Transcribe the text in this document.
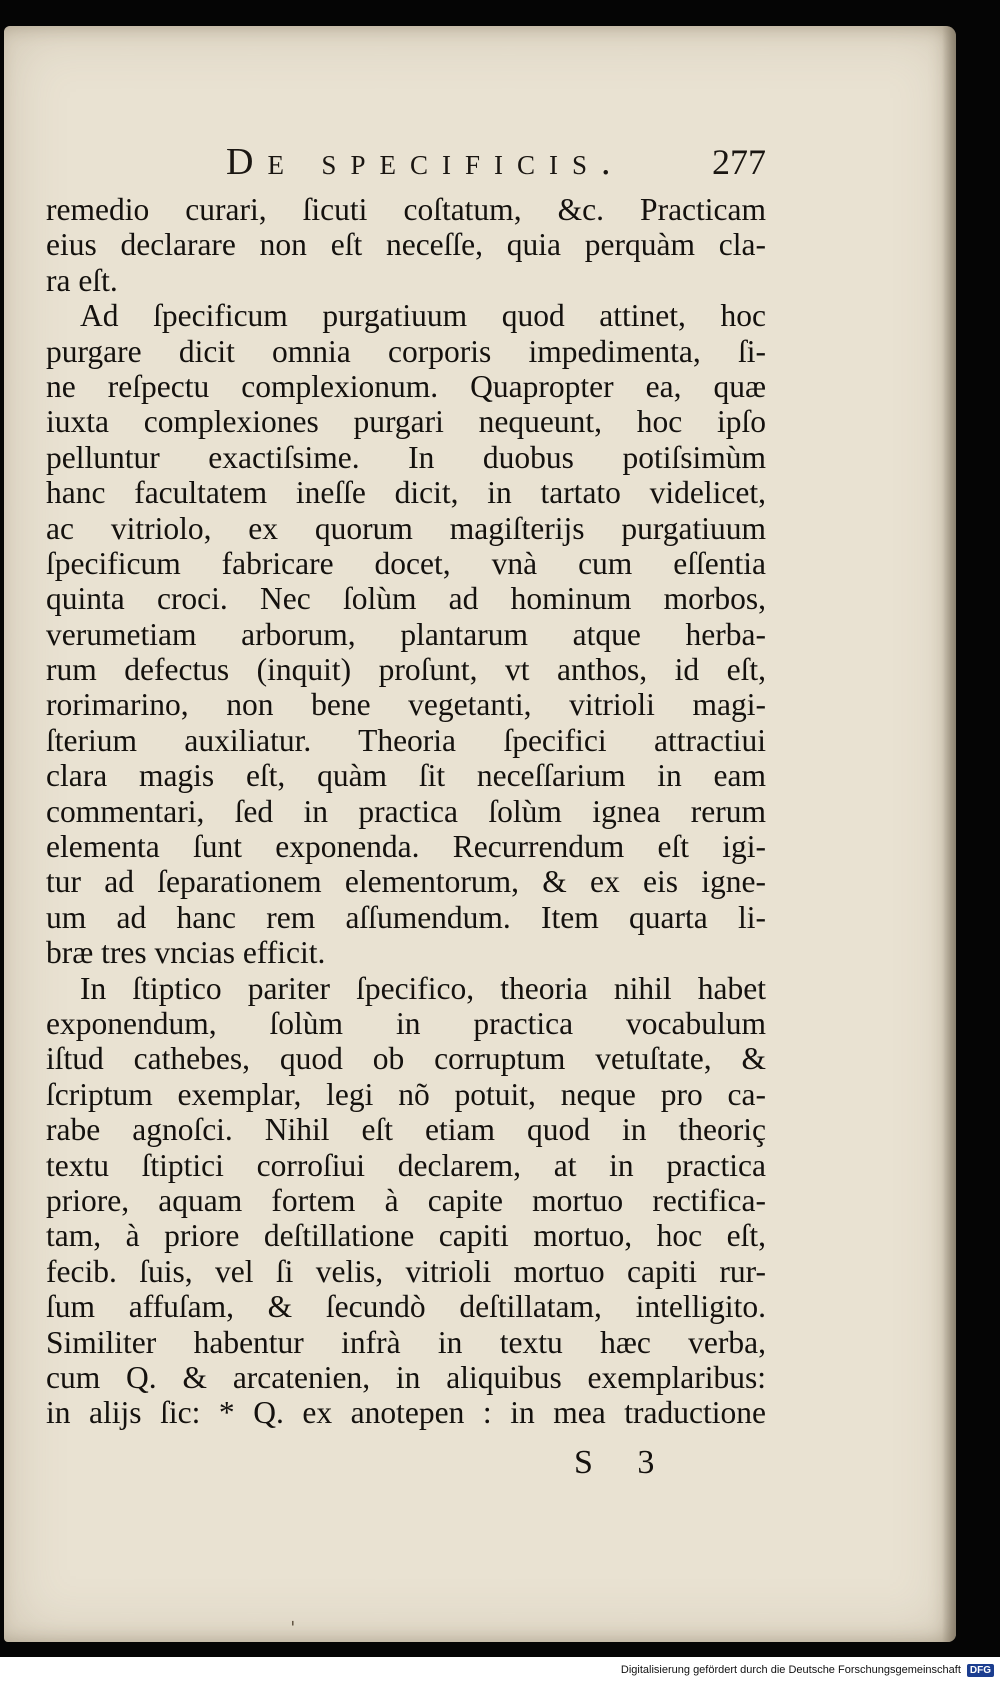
De specificis. 277
remedio curari, ſicuti coſtatum, &c. Practicam
eius declarare non eſt neceſſe, quia perquàm cla-
ra eſt.
Ad ſpecificum purgatiuum quod attinet, hoc
purgare dicit omnia corporis impedimenta, ſi-
ne reſpectu complexionum. Quapropter ea, quæ
iuxta complexiones purgari nequeunt, hoc ipſo
pelluntur exactiſsime. In duobus potiſsimùm
hanc facultatem ineſſe dicit, in tartato videlicet,
ac vitriolo, ex quorum magiſterijs purgatiuum
ſpecificum fabricare docet, vnà cum eſſentia
quinta croci. Nec ſolùm ad hominum morbos,
verumetiam arborum, plantarum atque herba-
rum defectus (inquit) proſunt, vt anthos, id eſt,
rorimarino, non bene vegetanti, vitrioli magi-
ſterium auxiliatur. Theoria ſpecifici attractiui
clara magis eſt, quàm ſit neceſſarium in eam
commentari, ſed in practica ſolùm ignea rerum
elementa ſunt exponenda. Recurrendum eſt igi-
tur ad ſeparationem elementorum, & ex eis igne-
um ad hanc rem aſſumendum. Item quarta li-
bræ tres vncias efficit.
In ſtiptico pariter ſpecifico, theoria nihil habet
exponendum, ſolùm in practica vocabulum
iſtud cathebes, quod ob corruptum vetuſtate, &
ſcriptum exemplar, legi nõ potuit, neque pro ca-
rabe agnoſci. Nihil eſt etiam quod in theoriç
textu ſtiptici corroſiui declarem, at in practica
priore, aquam fortem à capite mortuo rectifica-
tam, à priore deſtillatione capiti mortuo, hoc eſt,
fecib. ſuis, vel ſi velis, vitrioli mortuo capiti rur-
ſum affuſam, & ſecundò deſtillatam, intelligito.
Similiter habentur infrà in textu hæc verba,
cum Q. & arcatenien, in aliquibus exemplaribus:
in alijs ſic: * Q. ex anotepen : in mea traductione
S 3
ˌ
Digitalisierung gefördert durch die Deutsche Forschungsgemeinschaft DFG
